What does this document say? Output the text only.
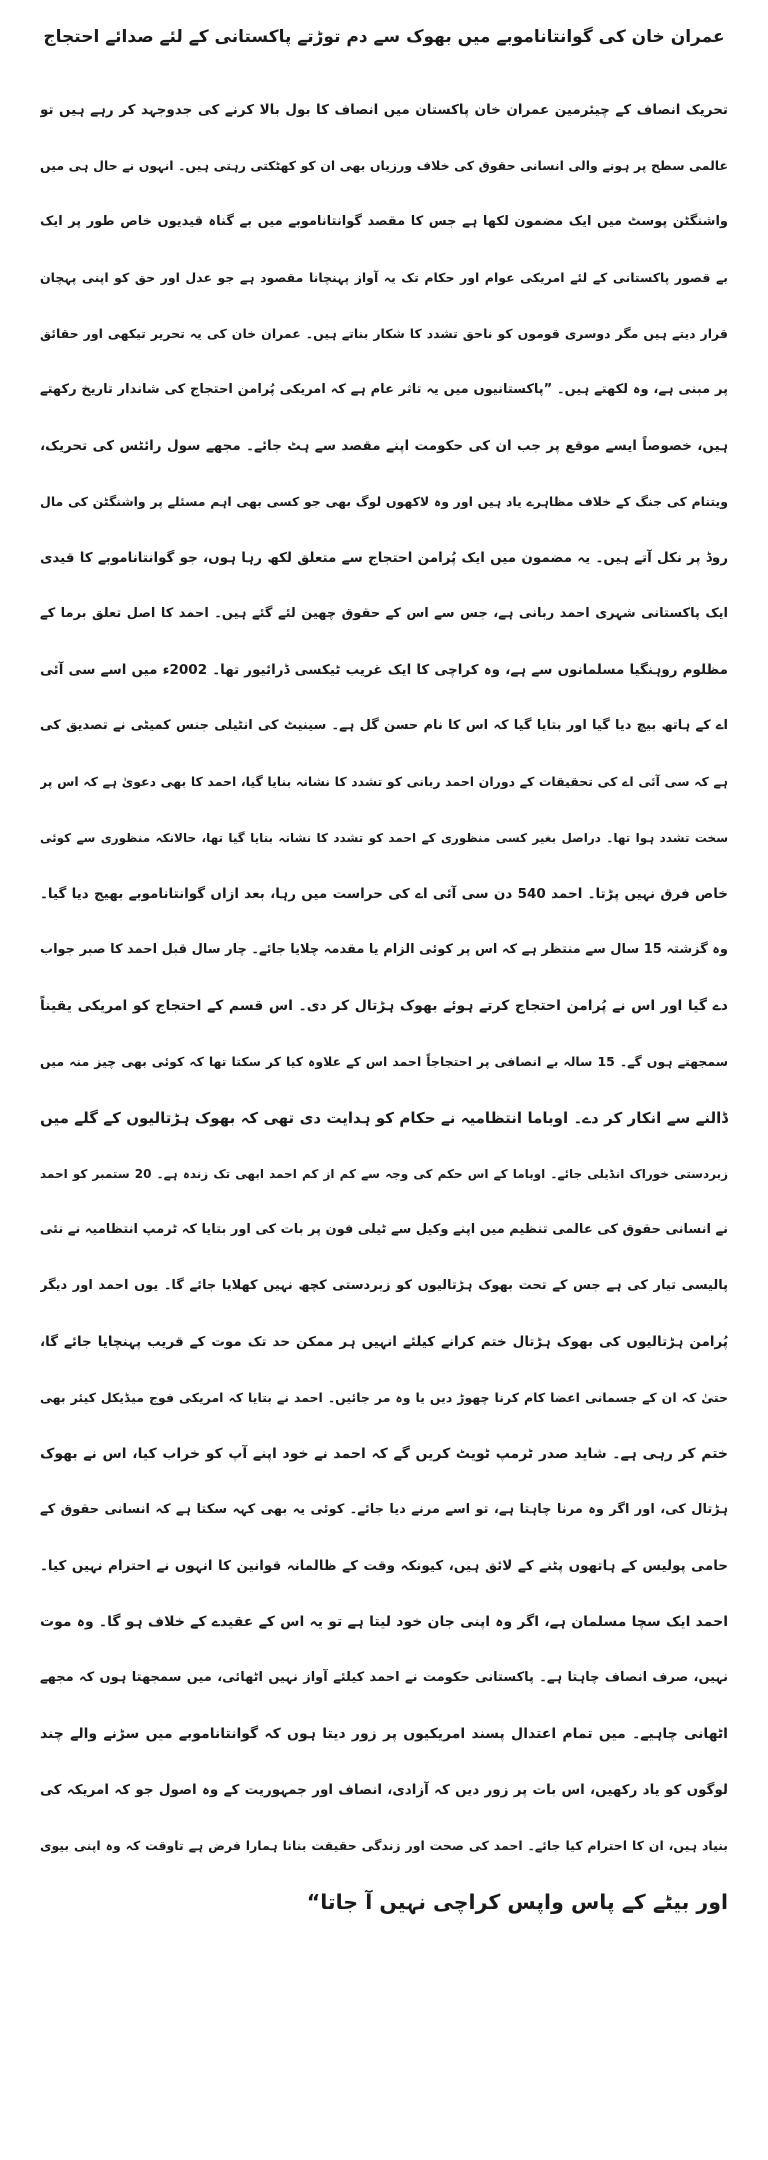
عمران خان کی گوانتاناموبے میں بھوک سے دم توڑتے پاکستانی کے لئے صدائے احتجاج
تحریک انصاف کے چیئرمین عمران خان پاکستان میں انصاف کا بول بالا کرنے کی جدوجہد کر رہے ہیں تو
عالمی سطح پر ہونے والی انسانی حقوق کی خلاف ورزیاں بھی ان کو کھٹکتی رہتی ہیں۔ انہوں نے حال ہی میں
واشنگٹن پوسٹ میں ایک مضمون لکھا ہے جس کا مقصد گوانتاناموبے میں بے گناہ قیدیوں خاص طور پر ایک
بے قصور پاکستانی کے لئے امریکی عوام اور حکام تک یہ آواز پہنچانا مقصود ہے جو عدل اور حق کو اپنی پہچان
قرار دیتے ہیں مگر دوسری قوموں کو ناحق تشدد کا شکار بناتے ہیں۔ عمران خان کی یہ تحریر تیکھی اور حقائق
پر مبنی ہے، وہ لکھتے ہیں۔ ”پاکستانیوں میں یہ تاثر عام ہے کہ امریکی پُرامن احتجاج کی شاندار تاریخ رکھتے
ہیں، خصوصاً ایسے موقع پر جب ان کی حکومت اپنے مقصد سے ہٹ جائے۔ مجھے سول رائٹس کی تحریک،
ویتنام کی جنگ کے خلاف مظاہرے یاد ہیں اور وہ لاکھوں لوگ بھی جو کسی بھی اہم مسئلے پر واشنگٹن کی مال
روڈ پر نکل آتے ہیں۔ یہ مضمون میں ایک پُرامن احتجاج سے متعلق لکھ رہا ہوں، جو گوانتاناموبے کا قیدی
ایک پاکستانی شہری احمد ربانی ہے، جس سے اس کے حقوق چھین لئے گئے ہیں۔ احمد کا اصل تعلق برما کے
مظلوم روہنگیا مسلمانوں سے ہے، وہ کراچی کا ایک غریب ٹیکسی ڈرائیور تھا۔ 2002ء میں اسے سی آئی
اے کے ہاتھ بیچ دیا گیا اور بتایا گیا کہ اس کا نام حسن گل ہے۔ سینیٹ کی انٹیلی جنس کمیٹی نے تصدیق کی
ہے کہ سی آئی اے کی تحقیقات کے دوران احمد ربانی کو تشدد کا نشانہ بنایا گیا، احمد کا بھی دعویٰ ہے کہ اس پر
سخت تشدد ہوا تھا۔ دراصل بغیر کسی منظوری کے احمد کو تشدد کا نشانہ بنایا گیا تھا، حالانکہ منظوری سے کوئی
خاص فرق نہیں پڑتا۔ احمد 540 دن سی آئی اے کی حراست میں رہا، بعد ازاں گوانتاناموبے بھیج دیا گیا۔
وہ گزشتہ 15 سال سے منتظر ہے کہ اس پر کوئی الزام یا مقدمہ چلایا جائے۔ چار سال قبل احمد کا صبر جواب
دے گیا اور اس نے پُرامن احتجاج کرتے ہوئے بھوک ہڑتال کر دی۔ اس قسم کے احتجاج کو امریکی یقیناً
سمجھتے ہوں گے۔ 15 سالہ بے انصافی پر احتجاجاً احمد اس کے علاوہ کیا کر سکتا تھا کہ کوئی بھی چیز منہ میں
ڈالنے سے انکار کر دے۔ اوباما انتظامیہ نے حکام کو ہدایت دی تھی کہ بھوک ہڑتالیوں کے گلے میں
زبردستی خوراک انڈیلی جائے۔ اوباما کے اس حکم کی وجہ سے کم از کم احمد ابھی تک زندہ ہے۔ 20 ستمبر کو احمد
نے انسانی حقوق کی عالمی تنظیم میں اپنے وکیل سے ٹیلی فون پر بات کی اور بتایا کہ ٹرمپ انتظامیہ نے نئی
پالیسی تیار کی ہے جس کے تحت بھوک ہڑتالیوں کو زبردستی کچھ نہیں کھلایا جائے گا۔ یوں احمد اور دیگر
پُرامن ہڑتالیوں کی بھوک ہڑتال ختم کرانے کیلئے انہیں ہر ممکن حد تک موت کے قریب پہنچایا جائے گا،
حتیٰ کہ ان کے جسمانی اعضا کام کرنا چھوڑ دیں یا وہ مر جائیں۔ احمد نے بتایا کہ امریکی فوج میڈیکل کیئر بھی
ختم کر رہی ہے۔ شاید صدر ٹرمپ ٹویٹ کریں گے کہ احمد نے خود اپنے آپ کو خراب کیا، اس نے بھوک
ہڑتال کی، اور اگر وہ مرنا چاہتا ہے، تو اسے مرنے دیا جائے۔ کوئی یہ بھی کہہ سکتا ہے کہ انسانی حقوق کے
حامی پولیس کے ہاتھوں پٹنے کے لائق ہیں، کیونکہ وقت کے ظالمانہ قوانین کا انہوں نے احترام نہیں کیا۔
احمد ایک سچا مسلمان ہے، اگر وہ اپنی جان خود لیتا ہے تو یہ اس کے عقیدے کے خلاف ہو گا۔ وہ موت
نہیں، صرف انصاف چاہتا ہے۔ پاکستانی حکومت نے احمد کیلئے آواز نہیں اٹھائی، میں سمجھتا ہوں کہ مجھے
اٹھانی چاہیے۔ میں تمام اعتدال پسند امریکیوں پر زور دیتا ہوں کہ گوانتاناموبے میں سڑنے والے چند
لوگوں کو یاد رکھیں، اس بات پر زور دیں کہ آزادی، انصاف اور جمہوریت کے وہ اصول جو کہ امریکہ کی
بنیاد ہیں، ان کا احترام کیا جائے۔ احمد کی صحت اور زندگی حقیقت بنانا ہمارا فرض ہے تاوقت کہ وہ اپنی بیوی
اور بیٹے کے پاس واپس کراچی نہیں آ جاتا“
